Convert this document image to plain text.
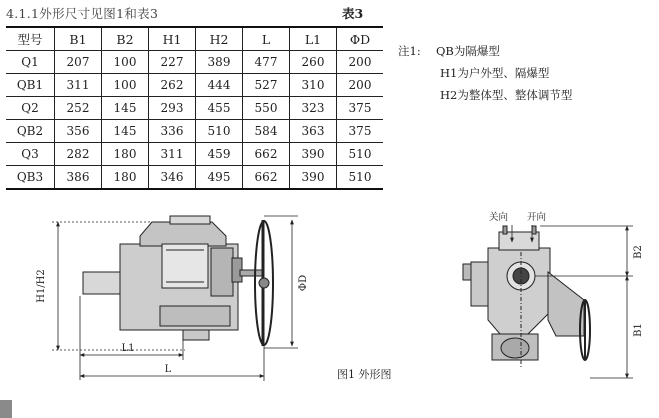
4.1.1外形尺寸见图1和表3	表3
型号	B1	B2	H1	H2	L	L1	ΦD
Q1	207	100	227	389	477	260	200
QB1	311	100	262	444	527	310	200
Q2	252	145	293	455	550	323	375
QB2	356	145	336	510	584	363	375
Q3	282	180	311	459	662	390	510
QB3	386	180	346	495	662	390	510
注1: QB为隔爆型
H1为户外型、隔爆型
H2为整体型、整体调节型
H1/H2
L1
L
ΦD
关向 开向
B2
B1
图1 外形图
